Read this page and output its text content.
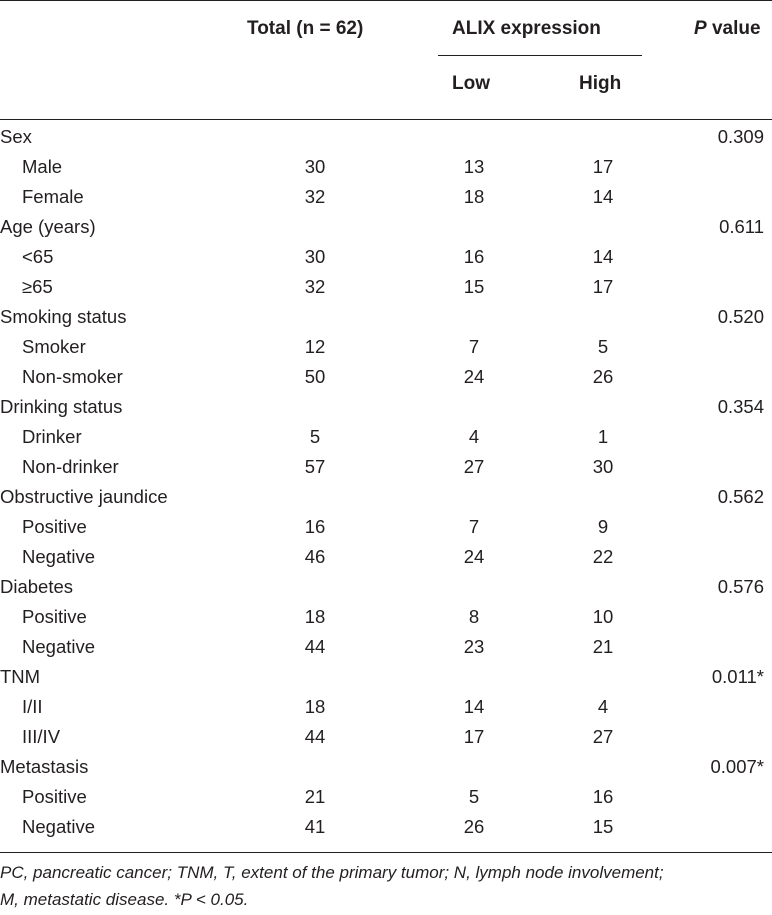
Total (n = 62)	ALIX expression	P value
Low	High
Sex	0.309
Male	30	13	17
Female	32	18	14
Age (years)	0.611
<65	30	16	14
≥65	32	15	17
Smoking status	0.520
Smoker	12	7	5
Non-smoker	50	24	26
Drinking status	0.354
Drinker	5	4	1
Non-drinker	57	27	30
Obstructive jaundice	0.562
Positive	16	7	9
Negative	46	24	22
Diabetes	0.576
Positive	18	8	10
Negative	44	23	21
TNM	0.011*
I/II	18	14	4
III/IV	44	17	27
Metastasis	0.007*
Positive	21	5	16
Negative	41	26	15
PC, pancreatic cancer; TNM, T, extent of the primary tumor; N, lymph node involvement;
M, metastatic disease. *P < 0.05.
